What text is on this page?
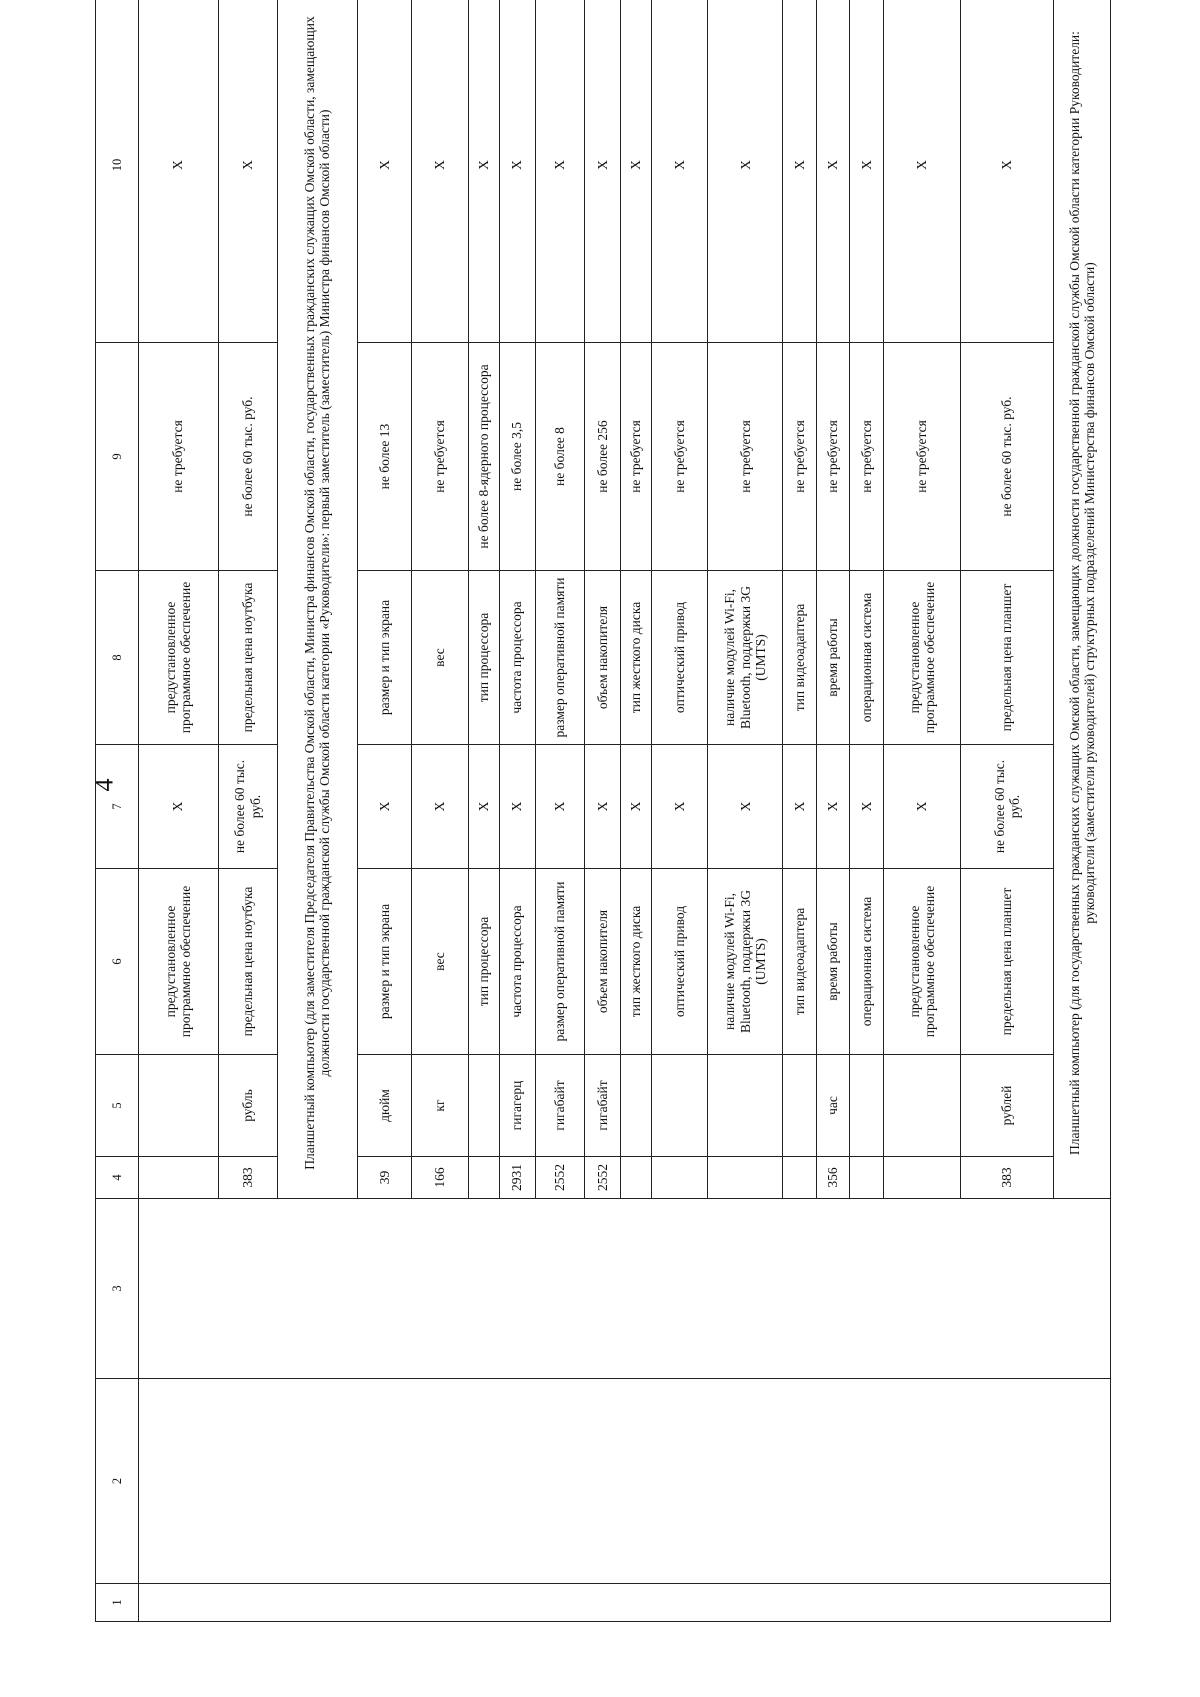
4
1	2	3	4	5	6	7	8	9	10
					предустановленное программное обеспечение	X	предустановленное программное обеспечение	не требуется	X
			383	рубль	предельная цена ноутбука	не более 60 тыс. руб.	предельная цена ноутбука	не более 60 тыс. руб.	X
			Планшетный компьютер (для заместителя Председателя Правительства Омской области, Министра финансов Омской области, государственных гражданских служащих Омской области, замещающих должности государственной гражданской службы Омской области категории «Руководители»: первый заместитель (заместитель) Министра финансов Омской области)						
			39	дюйм	размер и тип экрана	X	размер и тип экрана	не более 13	X
			166	кг	вес	X	вес	не требуется	X
					тип процессора	X	тип процессора	не более 8-ядерного процессора	X
			2931	гигагерц	частота процессора	X	частота процессора	не более 3,5	X
			2552	гигабайт	размер оперативной памяти	X	размер оперативной памяти	не более 8	X
			2552	гигабайт	объем накопителя	X	объем накопителя	не более 256	X
					тип жесткого диска	X	тип жесткого диска	не требуется	X
					оптический привод	X	оптический привод	не требуется	X
					наличие модулей Wi-Fi, Bluetooth, поддержки 3G (UMTS)	X	наличие модулей Wi-Fi, Bluetooth, поддержки 3G (UMTS)	не требуется	X
					тип видеоадаптера	X	тип видеоадаптера	не требуется	X
			356	час	время работы	X	время работы	не требуется	X
					операционная система	X	операционная система	не требуется	X
					предустановленное программное обеспечение	X	предустановленное программное обеспечение	не требуется	X
			383	рублей	предельная цена планшет	не более 60 тыс. руб.	предельная цена планшет	не более 60 тыс. руб.	X
			Планшетный компьютер (для государственных гражданских служащих Омской области, замещающих должности государственной гражданской службы Омской области категории Руководители: руководители (заместители руководителей) структурных подразделений Министерства финансов Омской области)						
